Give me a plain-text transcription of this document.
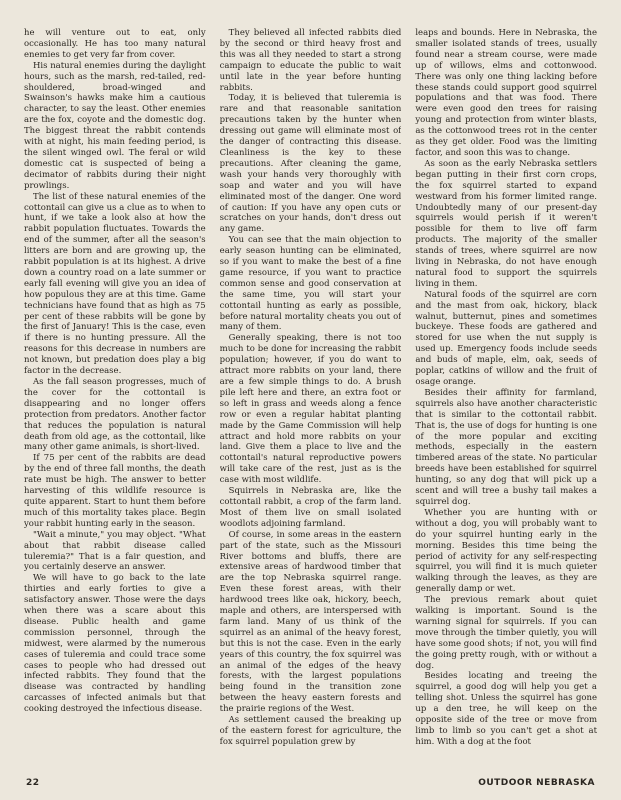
he will venture out to eat, only occasionally. He has too many natural enemies to get very far from cover.

His natural enemies during the daylight hours, such as the marsh, red-tailed, red-shouldered, broad-winged and Swainson's hawks make him a cautious character, to say the least. Other enemies are the fox, coyote and the domestic dog. The biggest threat the rabbit contends with at night, his main feeding period, is the silent winged owl. The feral or wild domestic cat is suspected of being a decimator of rabbits during their night prowlings.

The list of these natural enemies of the cottontail can give us a clue as to when to hunt, if we take a look also at how the rabbit population fluctuates. Towards the end of the summer, after all the season's litters are born and are growing up, the rabbit population is at its highest. A drive down a country road on a late summer or early fall evening will give you an idea of how populous they are at this time. Game technicians have found that as high as 75 per cent of these rabbits will be gone by the first of January! This is the case, even if there is no hunting pressure. All the reasons for this decrease in numbers are not known, but predation does play a big factor in the decrease.

As the fall season progresses, much of the cover for the cottontail is disappearing and no longer offers protection from predators. Another factor that reduces the population is natural death from old age, as the cottontail, like many other game animals, is short-lived.

If 75 per cent of the rabbits are dead by the end of three fall months, the death rate must be high. The answer to better harvesting of this wildlife resource is quite apparent. Start to hunt them before much of this mortality takes place. Begin your rabbit hunting early in the season.

"Wait a minute," you may object. "What about that rabbit disease called tuleremia?" That is a fair question, and you certainly deserve an answer.

We will have to go back to the late thirties and early forties to give a satisfactory answer. Those were the days when there was a scare about this disease. Public health and game commission personnel, through the midwest, were alarmed by the numerous cases of tuleremia and could trace some cases to people who had dressed out infected rabbits. They found that the disease was contracted by handling carcasses of infected animals but that cooking destroyed the infectious disease.

They believed all infected rabbits died by the second or third heavy frost and this was all they needed to start a strong campaign to educate the public to wait until late in the year before hunting rabbits.

Today, it is believed that tuleremia is rare and that reasonable sanitation precautions taken by the hunter when dressing out game will eliminate most of the danger of contracting this disease. Cleanliness is the key to these precautions. After cleaning the game, wash your hands very thoroughly with soap and water and you will have eliminated most of the danger. One word of caution: If you have any open cuts or scratches on your hands, don't dress out any game.

You can see that the main objection to early season hunting can be eliminated, so if you want to make the best of a fine game resource, if you want to practice common sense and good conservation at the same time, you will start your cottontail hunting as early as possible, before natural mortality cheats you out of many of them.

Generally speaking, there is not too much to be done for increasing the rabbit population; however, if you do want to attract more rabbits on your land, there are a few simple things to do. A brush pile left here and there, an extra foot or so left in grass and weeds along a fence row or even a regular habitat planting made by the Game Commission will help attract and hold more rabbits on your land. Give them a place to live and the cottontail's natural reproductive powers will take care of the rest, just as is the case with most wildlife.

Squirrels in Nebraska are, like the cottontail rabbit, a crop of the farm land. Most of them live on small isolated woodlots adjoining farmland.

Of course, in some areas in the eastern part of the state, such as the Missouri River bottoms and bluffs, there are extensive areas of hardwood timber that are the top Nebraska squirrel range. Even these forest areas, with their hardwood trees like oak, hickory, beech, maple and others, are interspersed with farm land. Many of us think of the squirrel as an animal of the heavy forest, but this is not the case. Even in the early years of this country, the fox squirrel was an animal of the edges of the heavy forests, with the largest populations being found in the transition zone between the heavy eastern forests and the prairie regions of the West.

As settlement caused the breaking up of the eastern forest for agriculture, the fox squirrel population grew by

leaps and bounds. Here in Nebraska, the smaller isolated stands of trees, usually found near a stream course, were made up of willows, elms and cottonwood. There was only one thing lacking before these stands could support good squirrel populations and that was food. There were even good den trees for raising young and protection from winter blasts, as the cottonwood trees rot in the center as they get older. Food was the limiting factor, and soon this was to change.

As soon as the early Nebraska settlers began putting in their first corn crops, the fox squirrel started to expand westward from his former limited range. Undoubtedly many of our present-day squirrels would perish if it weren't possible for them to live off farm products. The majority of the smaller stands of trees, where squirrel are now living in Nebraska, do not have enough natural food to support the squirrels living in them.

Natural foods of the squirrel are corn and the mast from oak, hickory, black walnut, butternut, pines and sometimes buckeye. These foods are gathered and stored for use when the nut supply is used up. Emergency foods include seeds and buds of maple, elm, oak, seeds of poplar, catkins of willow and the fruit of osage orange.

Besides their affinity for farmland, squirrels also have another characteristic that is similar to the cottontail rabbit. That is, the use of dogs for hunting is one of the more popular and exciting methods, especially in the eastern timbered areas of the state. No particular breeds have been established for squirrel hunting, so any dog that will pick up a scent and will tree a bushy tail makes a squirrel dog.

Whether you are hunting with or without a dog, you will probably want to do your squirrel hunting early in the morning. Besides this time being the period of activity for any self-respecting squirrel, you will find it is much quieter walking through the leaves, as they are generally damp or wet.

The previous remark about quiet walking is important. Sound is the warning signal for squirrels. If you can move through the timber quietly, you will have some good shots; if not, you will find the going pretty rough, with or without a dog.

Besides locating and treeing the squirrel, a good dog will help you get a telling shot. Unless the squirrel has gone up a den tree, he will keep on the opposite side of the tree or move from limb to limb so you can't get a shot at him. With a dog at the foot

22	OUTDOOR NEBRASKA
